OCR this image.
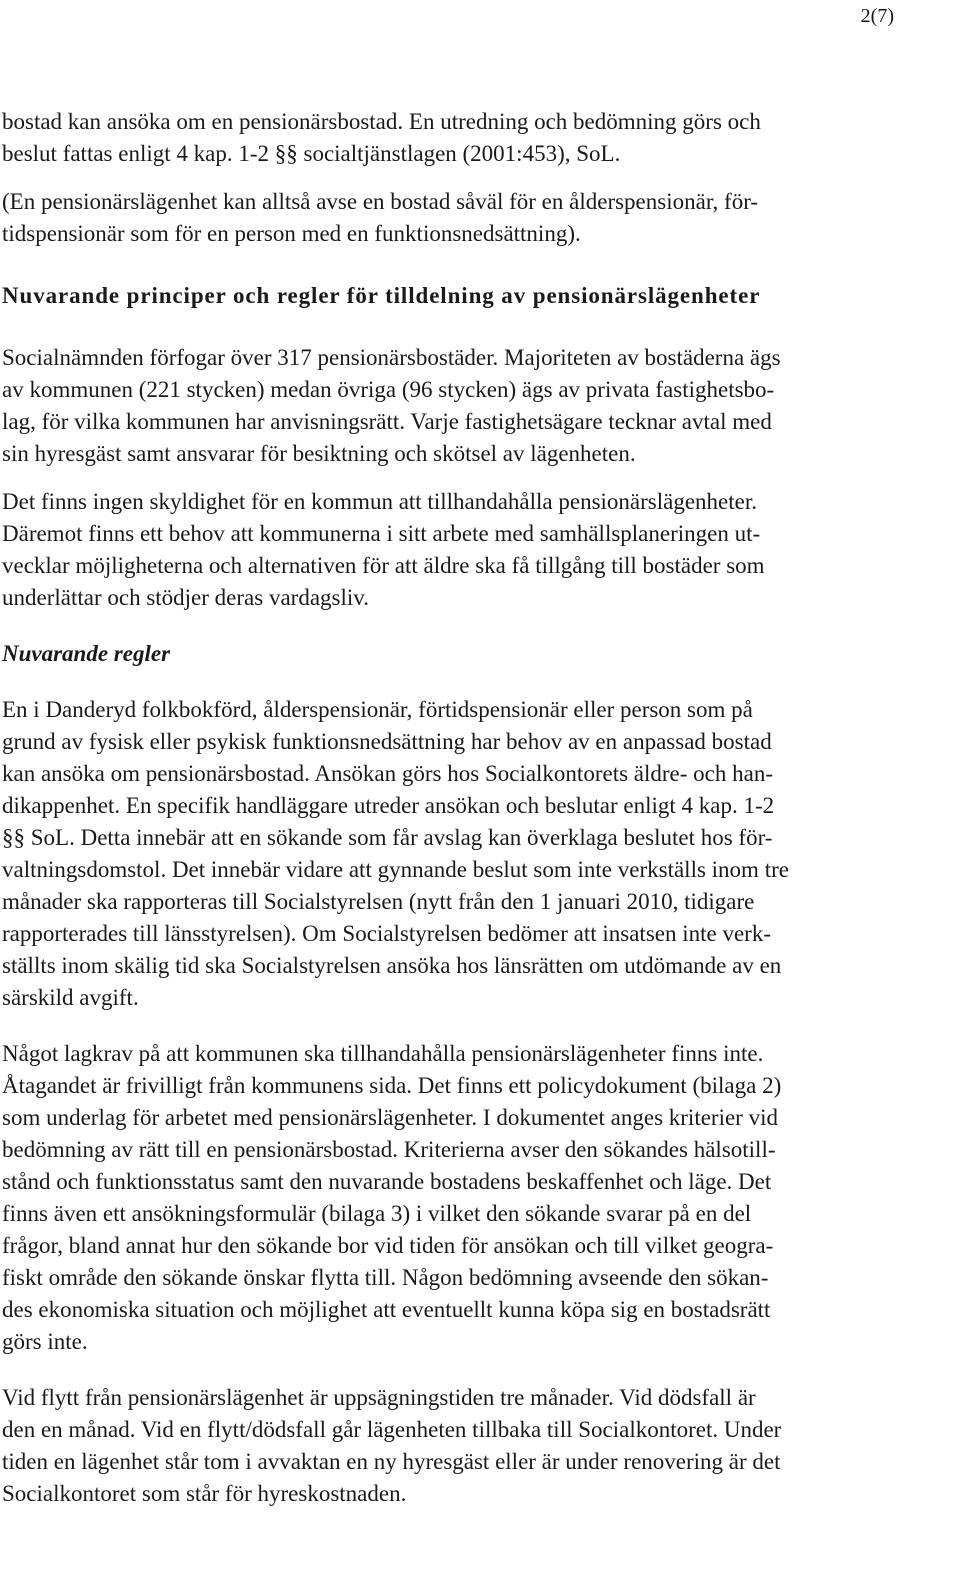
2(7)

bostad kan ansöka om en pensionärsbostad. En utredning och bedömning görs och
beslut fattas enligt 4 kap. 1-2 §§ socialtjänstlagen (2001:453), SoL.

(En pensionärslägenhet kan alltså avse en bostad såväl för en ålderspensionär, för-
tidspensionär som för en person med en funktionsnedsättning).

Nuvarande principer och regler för tilldelning av pensionärslägenheter

Socialnämnden förfogar över 317 pensionärsbostäder. Majoriteten av bostäderna ägs
av kommunen (221 stycken) medan övriga (96 stycken) ägs av privata fastighetsbo-
lag, för vilka kommunen har anvisningsrätt. Varje fastighetsägare tecknar avtal med
sin hyresgäst samt ansvarar för besiktning och skötsel av lägenheten.

Det finns ingen skyldighet för en kommun att tillhandahålla pensionärslägenheter.
Däremot finns ett behov att kommunerna i sitt arbete med samhällsplaneringen ut-
vecklar möjligheterna och alternativen för att äldre ska få tillgång till bostäder som
underlättar och stödjer deras vardagsliv.

Nuvarande regler

En i Danderyd folkbokförd, ålderspensionär, förtidspensionär eller person som på
grund av fysisk eller psykisk funktionsnedsättning har behov av en anpassad bostad
kan ansöka om pensionärsbostad. Ansökan görs hos Socialkontorets äldre- och han-
dikappenhet. En specifik handläggare utreder ansökan och beslutar enligt 4 kap. 1-2
§§ SoL. Detta innebär att en sökande som får avslag kan överklaga beslutet hos för-
valtningsdomstol. Det innebär vidare att gynnande beslut som inte verkställs inom tre
månader ska rapporteras till Socialstyrelsen (nytt från den 1 januari 2010, tidigare
rapporterades till länsstyrelsen). Om Socialstyrelsen bedömer att insatsen inte verk-
ställts inom skälig tid ska Socialstyrelsen ansöka hos länsrätten om utdömande av en
särskild avgift.

Något lagkrav på att kommunen ska tillhandahålla pensionärslägenheter finns inte.
Åtagandet är frivilligt från kommunens sida. Det finns ett policydokument (bilaga 2)
som underlag för arbetet med pensionärslägenheter. I dokumentet anges kriterier vid
bedömning av rätt till en pensionärsbostad. Kriterierna avser den sökandes hälsotill-
stånd och funktionsstatus samt den nuvarande bostadens beskaffenhet och läge. Det
finns även ett ansökningsformulär (bilaga 3) i vilket den sökande svarar på en del
frågor, bland annat hur den sökande bor vid tiden för ansökan och till vilket geogra-
fiskt område den sökande önskar flytta till. Någon bedömning avseende den sökan-
des ekonomiska situation och möjlighet att eventuellt kunna köpa sig en bostadsrätt
görs inte.

Vid flytt från pensionärslägenhet är uppsägningstiden tre månader. Vid dödsfall är
den en månad. Vid en flytt/dödsfall går lägenheten tillbaka till Socialkontoret. Under
tiden en lägenhet står tom i avvaktan en ny hyresgäst eller är under renovering är det
Socialkontoret som står för hyreskostnaden.
